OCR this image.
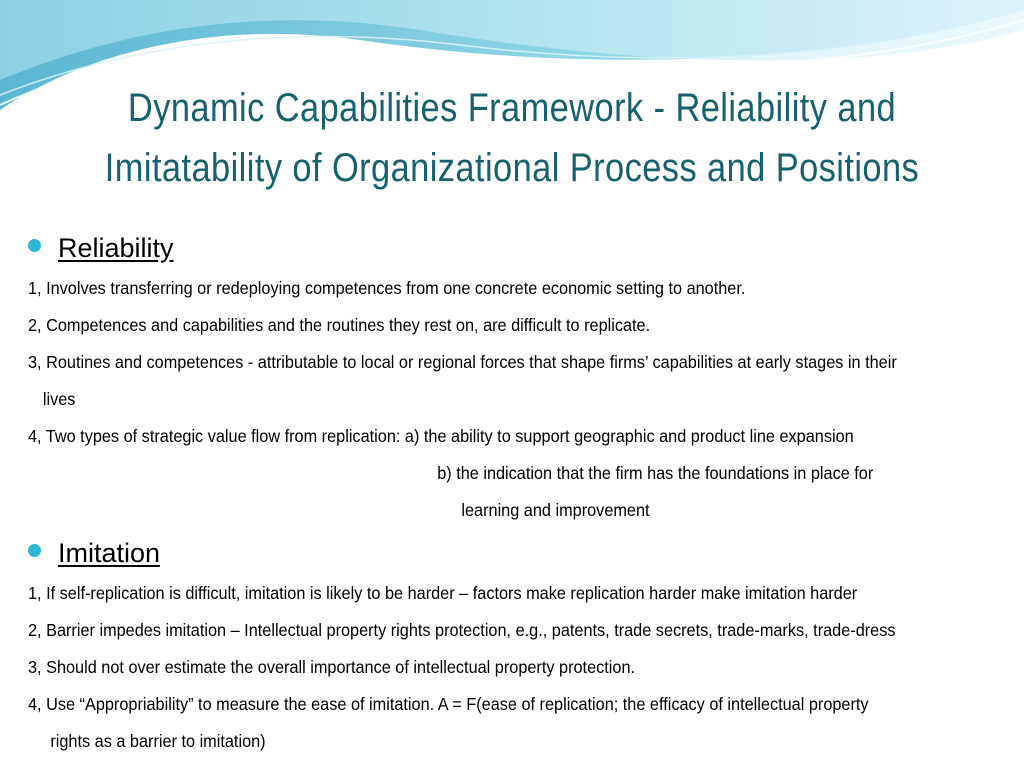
Dynamic Capabilities Framework - Reliability and
Imitatability of Organizational Process and Positions
Reliability
1, Involves transferring or redeploying competences from one concrete economic setting to another.
2, Competences and capabilities and the routines they rest on, are difficult to replicate.
3, Routines and competences - attributable to local or regional forces that shape firms’ capabilities at early stages in their
lives
4, Two types of strategic value flow from replication: a) the ability to support geographic and product line expansion
b) the indication that the firm has the foundations in place for
learning and improvement
Imitation
1, If self-replication is difficult, imitation is likely to be harder – factors make replication harder make imitation harder
2, Barrier impedes imitation – Intellectual property rights protection, e.g., patents, trade secrets, trade-marks, trade-dress
3, Should not over estimate the overall importance of intellectual property protection.
4, Use “Appropriability” to measure the ease of imitation. A = F(ease of replication; the efficacy of intellectual property
rights as a barrier to imitation)
